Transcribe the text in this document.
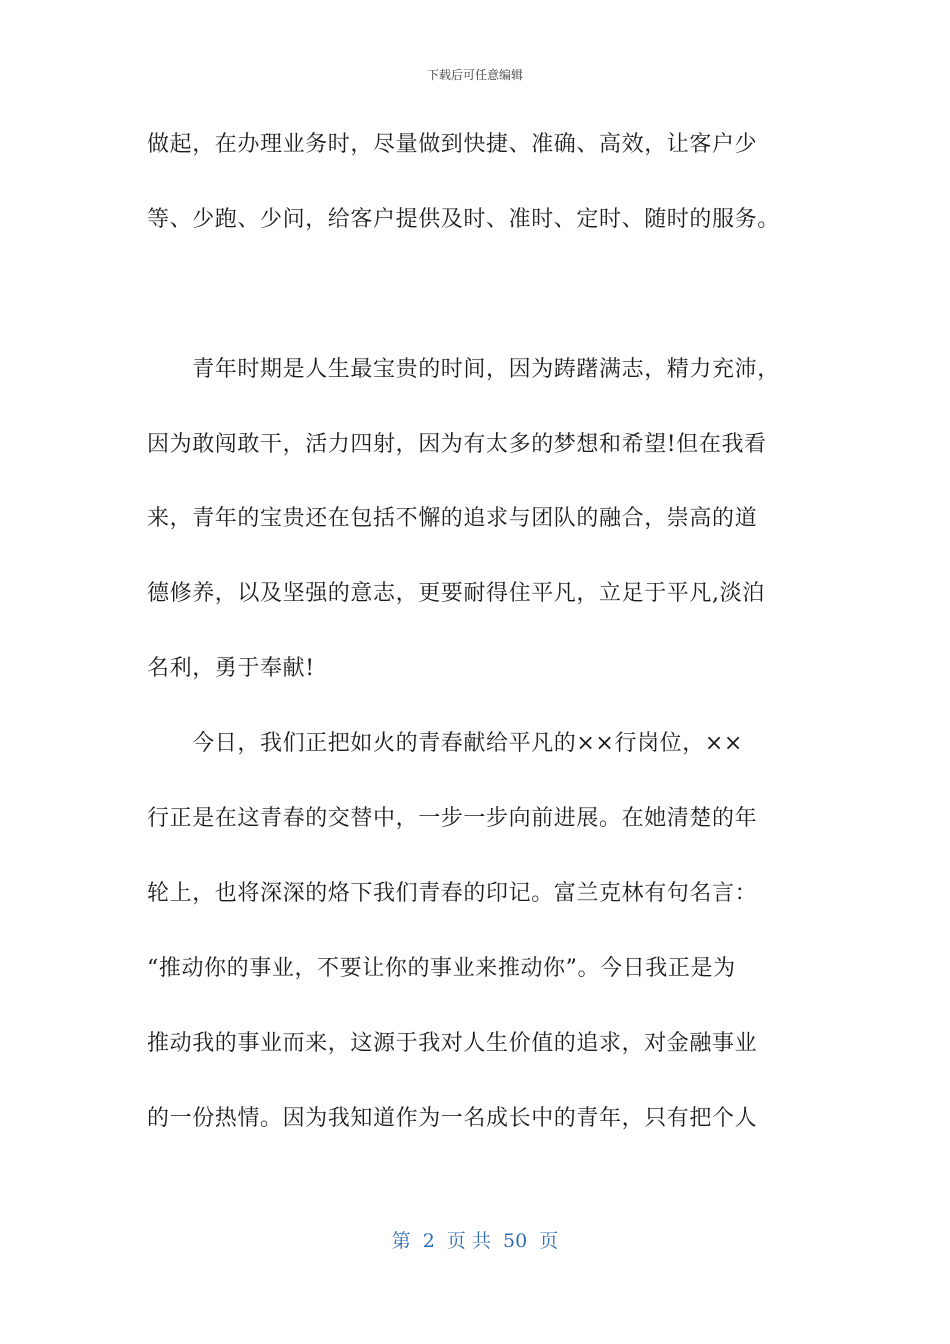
下载后可任意编辑
做起，在办理业务时，尽量做到快捷、准确、高效，让客户少
等、少跑、少问，给客户提供及时、准时、定时、随时的服务。
　　青年时期是人生最宝贵的时间，因为踌躇满志，精力充沛，
因为敢闯敢干，活力四射，因为有太多的梦想和希望!但在我看
来，青年的宝贵还在包括不懈的追求与团队的融合，崇高的道
德修养，以及坚强的意志，更要耐得住平凡，立足于平凡,淡泊
名利，勇于奉献!
　　今日，我们正把如火的青春献给平凡的××行岗位，××
行正是在这青春的交替中，一步一步向前进展。在她清楚的年
轮上，也将深深的烙下我们青春的印记。富兰克林有句名言：
“推动你的事业，不要让你的事业来推动你”。今日我正是为
推动我的事业而来，这源于我对人生价值的追求，对金融事业
的一份热情。因为我知道作为一名成长中的青年，只有把个人
第 2 页 共 50 页
